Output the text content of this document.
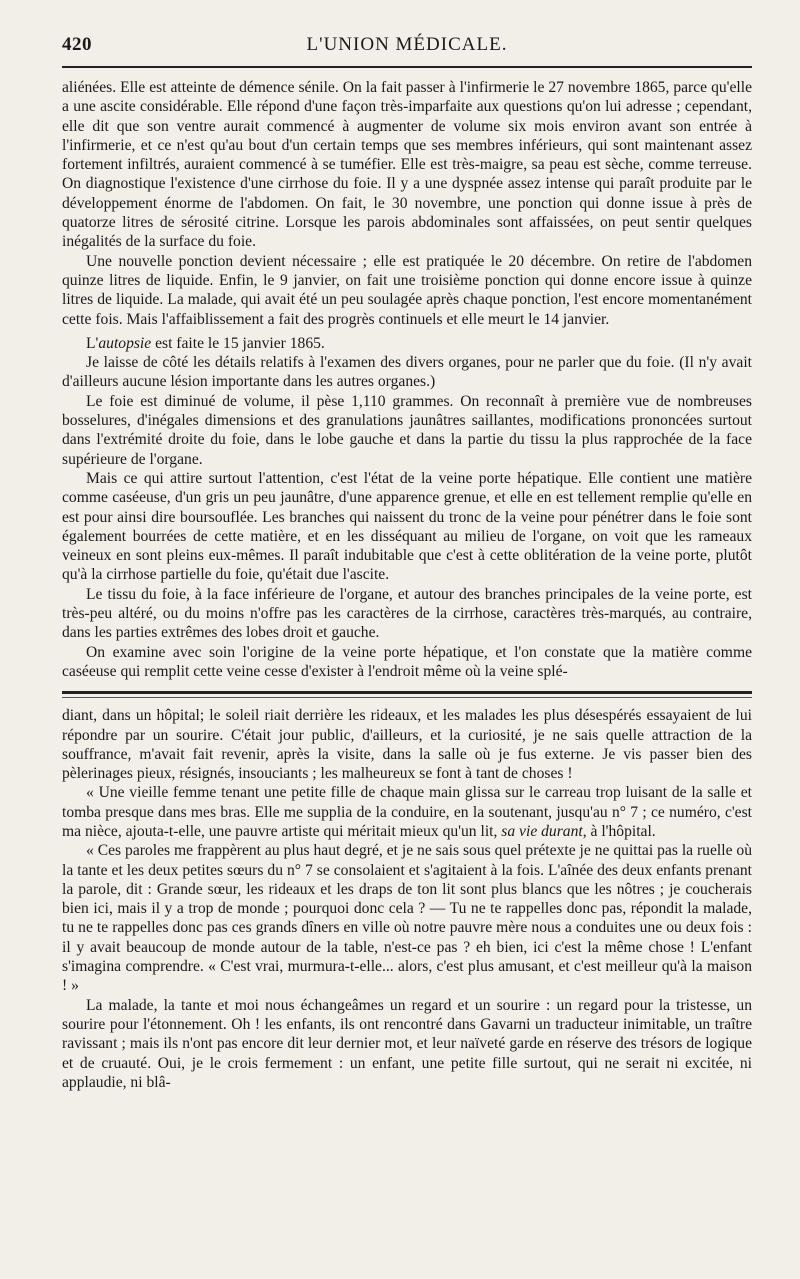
420	L'UNION MÉDICALE.

aliénées. Elle est atteinte de démence sénile. On la fait passer à l'infirmerie le 27 novembre 1865, parce qu'elle a une ascite considérable. Elle répond d'une façon très-imparfaite aux questions qu'on lui adresse ; cependant, elle dit que son ventre aurait commencé à augmenter de volume six mois environ avant son entrée à l'infirmerie, et ce n'est qu'au bout d'un certain temps que ses membres inférieurs, qui sont maintenant assez fortement infiltrés, auraient commencé à se tuméfier. Elle est très-maigre, sa peau est sèche, comme terreuse. On diagnostique l'existence d'une cirrhose du foie. Il y a une dyspnée assez intense qui paraît produite par le développement énorme de l'abdomen. On fait, le 30 novembre, une ponction qui donne issue à près de quatorze litres de sérosité citrine. Lorsque les parois abdominales sont affaissées, on peut sentir quelques inégalités de la surface du foie.

Une nouvelle ponction devient nécessaire ; elle est pratiquée le 20 décembre. On retire de l'abdomen quinze litres de liquide. Enfin, le 9 janvier, on fait une troisième ponction qui donne encore issue à quinze litres de liquide. La malade, qui avait été un peu soulagée après chaque ponction, l'est encore momentanément cette fois. Mais l'affaiblissement a fait des progrès continuels et elle meurt le 14 janvier.

L'autopsie est faite le 15 janvier 1865.

Je laisse de côté les détails relatifs à l'examen des divers organes, pour ne parler que du foie. (Il n'y avait d'ailleurs aucune lésion importante dans les autres organes.)

Le foie est diminué de volume, il pèse 1,110 grammes. On reconnaît à première vue de nombreuses bosselures, d'inégales dimensions et des granulations jaunâtres saillantes, modifications prononcées surtout dans l'extrémité droite du foie, dans le lobe gauche et dans la partie du tissu la plus rapprochée de la face supérieure de l'organe.

Mais ce qui attire surtout l'attention, c'est l'état de la veine porte hépatique. Elle contient une matière comme caséeuse, d'un gris un peu jaunâtre, d'une apparence grenue, et elle en est tellement remplie qu'elle en est pour ainsi dire boursouflée. Les branches qui naissent du tronc de la veine pour pénétrer dans le foie sont également bourrées de cette matière, et en les disséquant au milieu de l'organe, on voit que les rameaux veineux en sont pleins eux-mêmes. Il paraît indubitable que c'est à cette oblitération de la veine porte, plutôt qu'à la cirrhose partielle du foie, qu'était due l'ascite.

Le tissu du foie, à la face inférieure de l'organe, et autour des branches principales de la veine porte, est très-peu altéré, ou du moins n'offre pas les caractères de la cirrhose, caractères très-marqués, au contraire, dans les parties extrêmes des lobes droit et gauche.

On examine avec soin l'origine de la veine porte hépatique, et l'on constate que la matière comme caséeuse qui remplit cette veine cesse d'exister à l'endroit même où la veine splé-

diant, dans un hôpital; le soleil riait derrière les rideaux, et les malades les plus désespérés essayaient de lui répondre par un sourire. C'était jour public, d'ailleurs, et la curiosité, je ne sais quelle attraction de la souffrance, m'avait fait revenir, après la visite, dans la salle où je fus externe. Je vis passer bien des pèlerinages pieux, résignés, insouciants ; les malheureux se font à tant de choses !

« Une vieille femme tenant une petite fille de chaque main glissa sur le carreau trop luisant de la salle et tomba presque dans mes bras. Elle me supplia de la conduire, en la soutenant, jusqu'au n° 7 ; ce numéro, c'est ma nièce, ajouta-t-elle, une pauvre artiste qui méritait mieux qu'un lit, sa vie durant, à l'hôpital.

« Ces paroles me frappèrent au plus haut degré, et je ne sais sous quel prétexte je ne quittai pas la ruelle où la tante et les deux petites sœurs du n° 7 se consolaient et s'agitaient à la fois. L'aînée des deux enfants prenant la parole, dit : Grande sœur, les rideaux et les draps de ton lit sont plus blancs que les nôtres ; je coucherais bien ici, mais il y a trop de monde ; pourquoi donc cela ? — Tu ne te rappelles donc pas, répondit la malade, tu ne te rappelles donc pas ces grands dîners en ville où notre pauvre mère nous a conduites une ou deux fois : il y avait beaucoup de monde autour de la table, n'est-ce pas ? eh bien, ici c'est la même chose ! L'enfant s'imagina comprendre. « C'est vrai, murmura-t-elle... alors, c'est plus amusant, et c'est meilleur qu'à la maison ! »

La malade, la tante et moi nous échangeâmes un regard et un sourire : un regard pour la tristesse, un sourire pour l'étonnement. Oh ! les enfants, ils ont rencontré dans Gavarni un traducteur inimitable, un traître ravissant ; mais ils n'ont pas encore dit leur dernier mot, et leur naïveté garde en réserve des trésors de logique et de cruauté. Oui, je le crois fermement : un enfant, une petite fille surtout, qui ne serait ni excitée, ni applaudie, ni blâ-
